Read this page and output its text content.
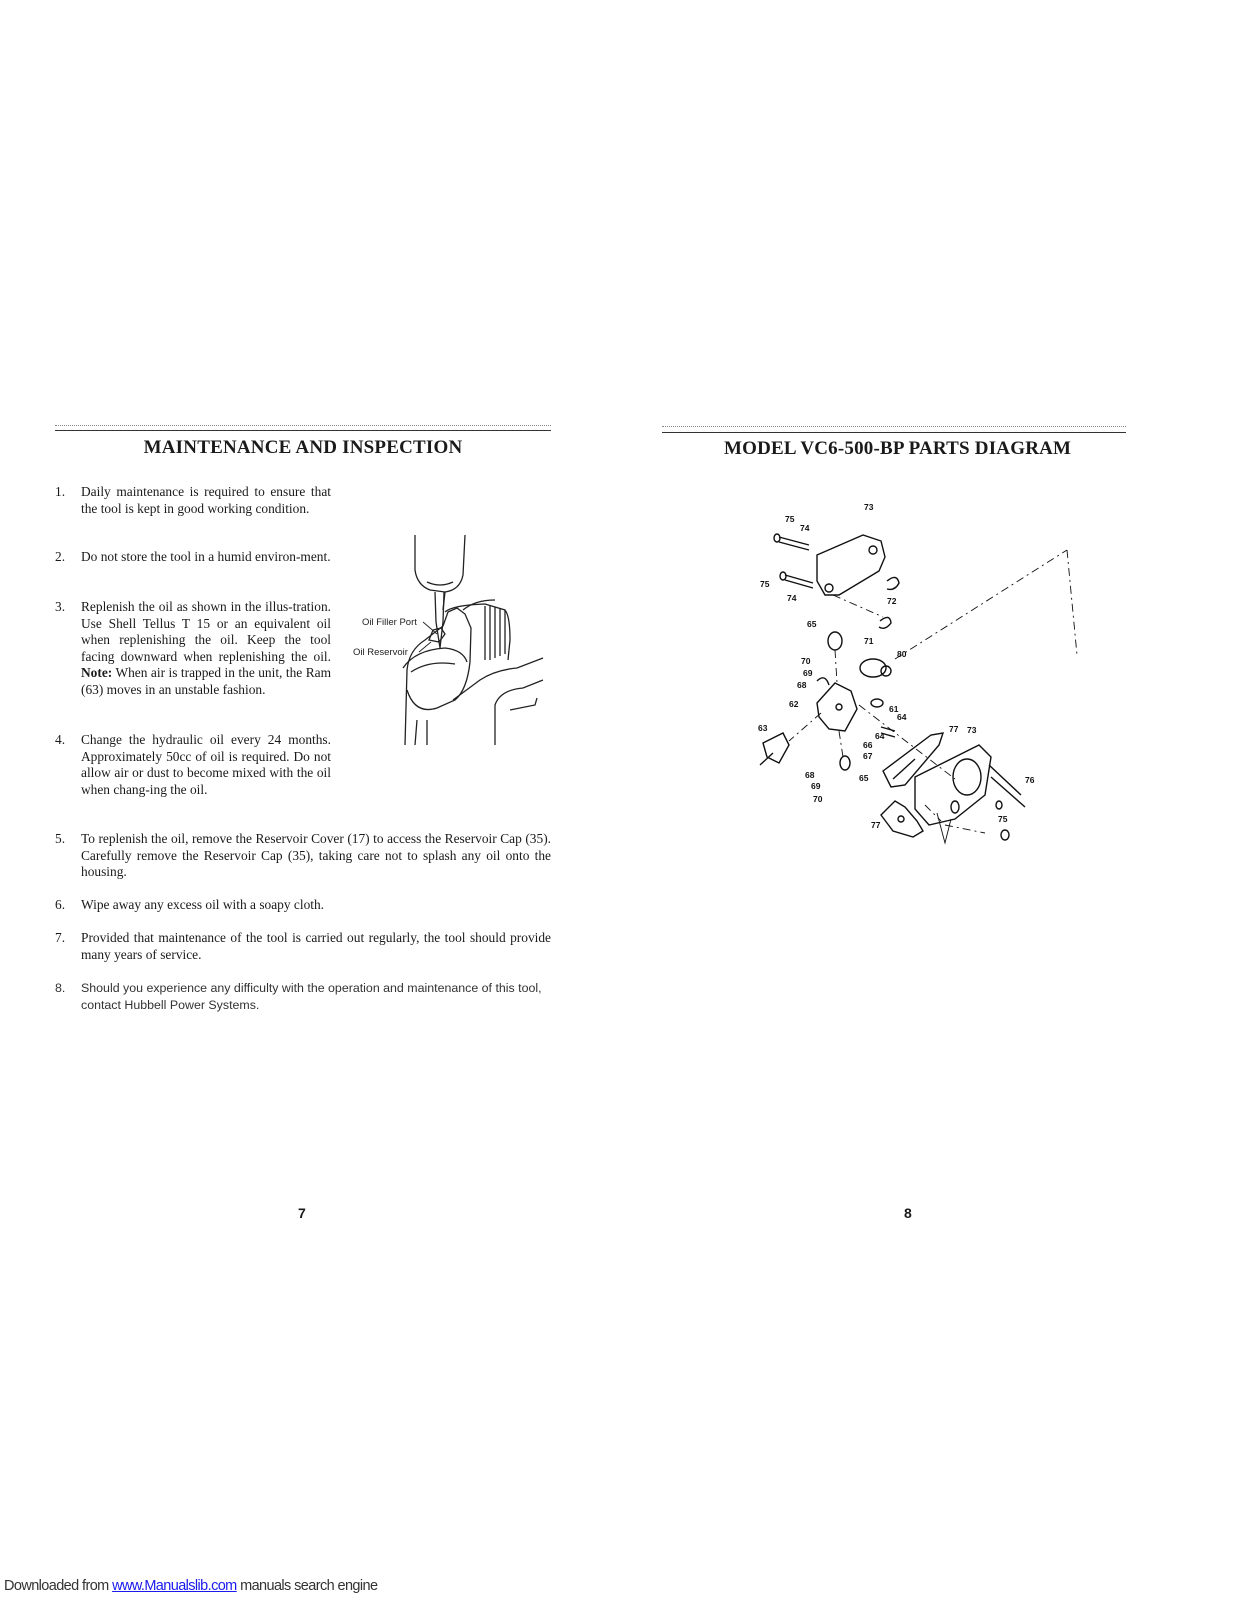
MAINTENANCE AND INSPECTION
1. Daily maintenance is required to ensure that the tool is kept in good working condition.
2. Do not store the tool in a humid environ-ment.
3. Replenish the oil as shown in the illus-tration. Use Shell Tellus T 15 or an equivalent oil when replenishing the oil. Keep the tool facing downward when replenishing the oil. Note: When air is trapped in the unit, the Ram (63) moves in an unstable fashion.
4. Change the hydraulic oil every 24 months. Approximately 50cc of oil is required. Do not allow air or dust to become mixed with the oil when chang-ing the oil.
5. To replenish the oil, remove the Reservoir Cover (17) to access the Reservoir Cap (35). Carefully remove the Reservoir Cap (35), taking care not to splash any oil onto the housing.
6. Wipe away any excess oil with a soapy cloth.
7. Provided that maintenance of the tool is carried out regularly, the tool should provide many years of service.
8. Should you experience any difficulty with the operation and maintenance of this tool, contact Hubbell Power Systems.
Oil Filler Port
Oil Reservoir
7
MODEL VC6-500-BP PARTS DIAGRAM
73
75
74
75
74	72
71
65
70
69
68
80
62	61
64
63
64
66
67
77 73
65
68
69
70
76
77
75
8
Downloaded from www.Manualslib.com manuals search engine
